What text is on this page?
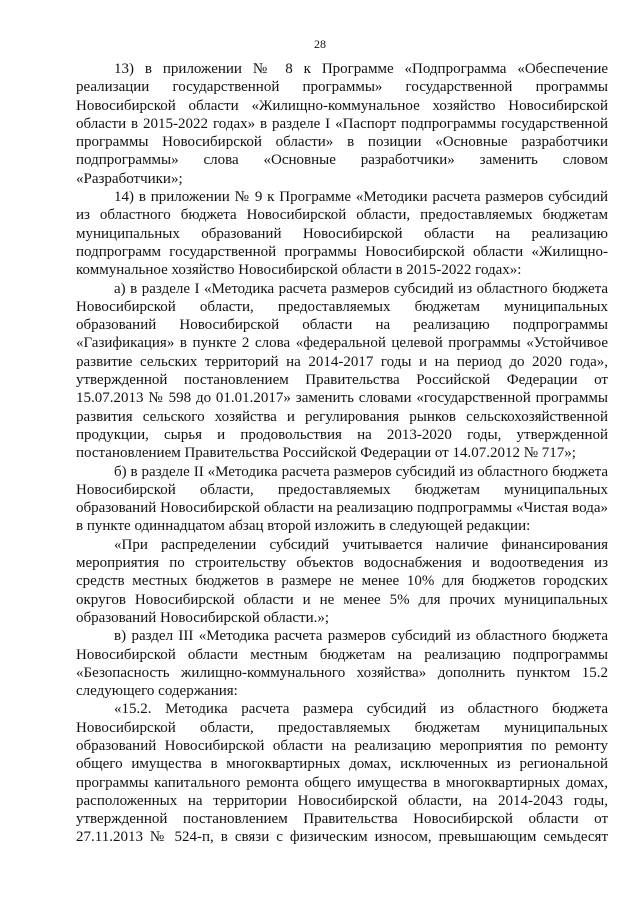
28

13) в приложении № 8 к Программе «Подпрограмма «Обеспечение реализации государственной программы» государственной программы Новосибирской области «Жилищно-коммунальное хозяйство Новосибирской области в 2015-2022 годах» в разделе I «Паспорт подпрограммы государственной программы Новосибирской области» в позиции «Основные разработчики подпрограммы» слова «Основные разработчики» заменить словом «Разработчики»;

14) в приложении № 9 к Программе «Методики расчета размеров субсидий из областного бюджета Новосибирской области, предоставляемых бюджетам муниципальных образований Новосибирской области на реализацию подпрограмм государственной программы Новосибирской области «Жилищно-коммунальное хозяйство Новосибирской области в 2015-2022 годах»:

а) в разделе I «Методика расчета размеров субсидий из областного бюджета Новосибирской области, предоставляемых бюджетам муниципальных образований Новосибирской области на реализацию подпрограммы «Газификация» в пункте 2 слова «федеральной целевой программы «Устойчивое развитие сельских территорий на 2014-2017 годы и на период до 2020 года», утвержденной постановлением Правительства Российской Федерации от 15.07.2013 № 598 до 01.01.2017» заменить словами «государственной программы развития сельского хозяйства и регулирования рынков сельскохозяйственной продукции, сырья и продовольствия на 2013-2020 годы, утвержденной постановлением Правительства Российской Федерации от 14.07.2012 № 717»;

б) в разделе II «Методика расчета размеров субсидий из областного бюджета Новосибирской области, предоставляемых бюджетам муниципальных образований Новосибирской области на реализацию подпрограммы «Чистая вода» в пункте одиннадцатом абзац второй изложить в следующей редакции:

«При распределении субсидий учитывается наличие финансирования мероприятия по строительству объектов водоснабжения и водоотведения из средств местных бюджетов в размере не менее 10% для бюджетов городских округов Новосибирской области и не менее 5% для прочих муниципальных образований Новосибирской области.»;

в) раздел III «Методика расчета размеров субсидий из областного бюджета Новосибирской области местным бюджетам на реализацию подпрограммы «Безопасность жилищно-коммунального хозяйства» дополнить пунктом 15.2 следующего содержания:

«15.2. Методика расчета размера субсидий из областного бюджета Новосибирской области, предоставляемых бюджетам муниципальных образований Новосибирской области на реализацию мероприятия по ремонту общего имущества в многоквартирных домах, исключенных из региональной программы капитального ремонта общего имущества в многоквартирных домах, расположенных на территории Новосибирской области, на 2014-2043 годы, утвержденной постановлением Правительства Новосибирской области от 27.11.2013 № 524-п, в связи с физическим износом, превышающим семьдесят
